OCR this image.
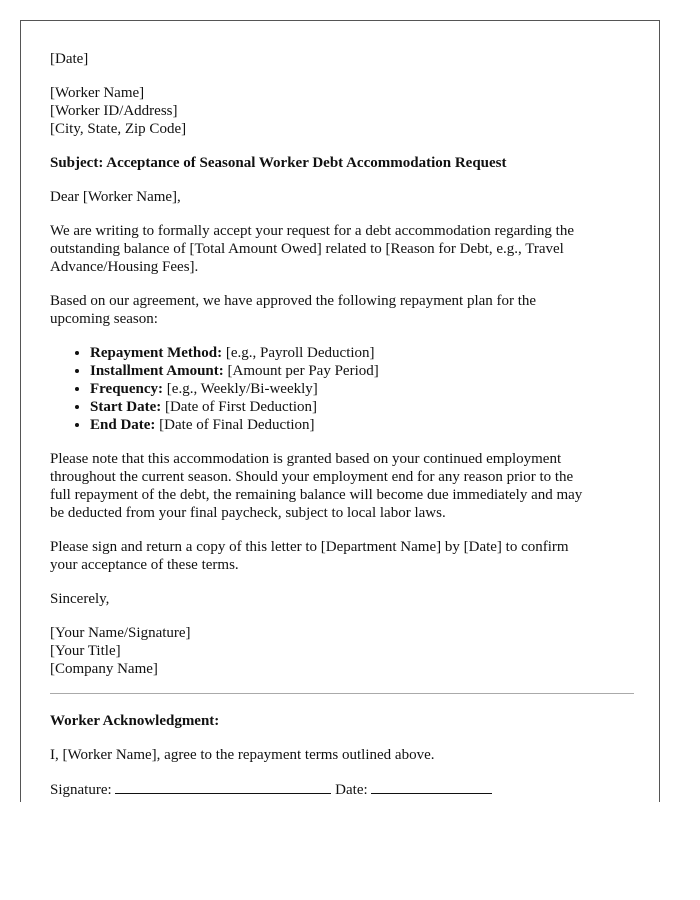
[Date]
[Worker Name]
[Worker ID/Address]
[City, State, Zip Code]
Subject: Acceptance of Seasonal Worker Debt Accommodation Request
Dear [Worker Name],
We are writing to formally accept your request for a debt accommodation regarding the
outstanding balance of [Total Amount Owed] related to [Reason for Debt, e.g., Travel
Advance/Housing Fees].
Based on our agreement, we have approved the following repayment plan for the
upcoming season:
• Repayment Method: [e.g., Payroll Deduction]
• Installment Amount: [Amount per Pay Period]
• Frequency: [e.g., Weekly/Bi-weekly]
• Start Date: [Date of First Deduction]
• End Date: [Date of Final Deduction]
Please note that this accommodation is granted based on your continued employment
throughout the current season. Should your employment end for any reason prior to the
full repayment of the debt, the remaining balance will become due immediately and may
be deducted from your final paycheck, subject to local labor laws.
Please sign and return a copy of this letter to [Department Name] by [Date] to confirm
your acceptance of these terms.
Sincerely,
[Your Name/Signature]
[Your Title]
[Company Name]
Worker Acknowledgment:
I, [Worker Name], agree to the repayment terms outlined above.
Signature:	Date:
